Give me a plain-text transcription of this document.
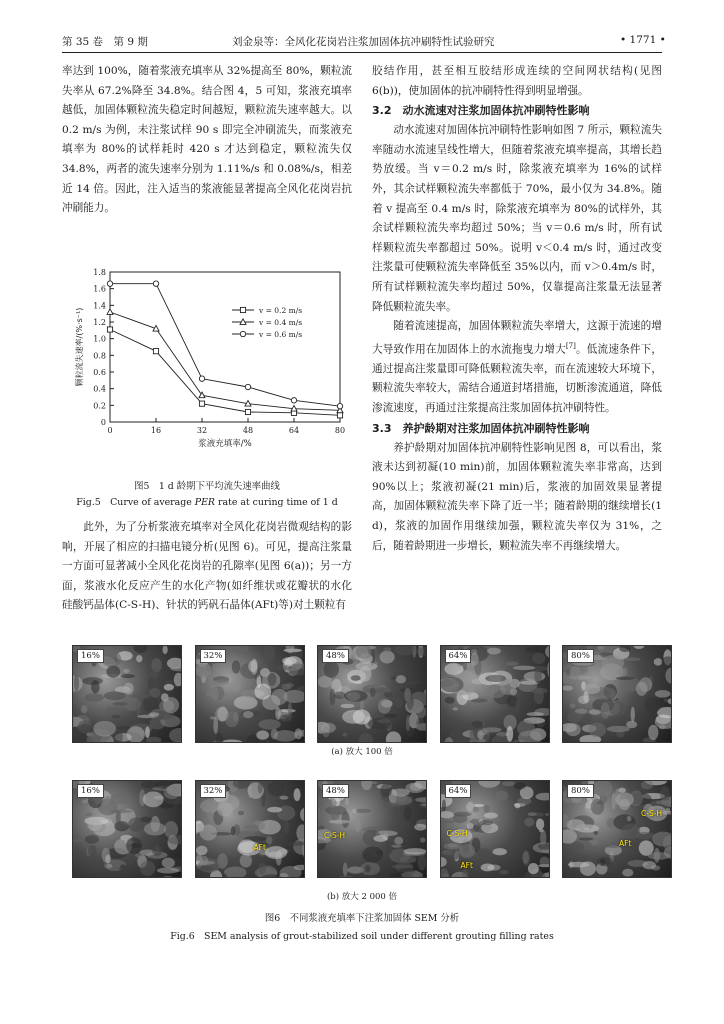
第 35 卷　第 9 期	刘金泉等：全风化花岗岩注浆加固体抗冲刷特性试验研究	• 1771 •

率达到 100%，随着浆液充填率从 32%提高至 80%，颗粒流失率从 67.2%降至 34.8%。结合图 4，5 可知，浆液充填率越低，加固体颗粒流失稳定时间越短，颗粒流失速率越大。以 0.2 m/s 为例，未注浆试样 90 s 即完全冲刷流失，而浆液充填率为 80%的试样耗时 420 s 才达到稳定，颗粒流失仅 34.8%，两者的流失速率分别为 1.11%/s 和 0.08%/s，相差近 14 倍。因此，注入适当的浆液能显著提高全风化花岗岩抗冲刷能力。

0
0.2
0.4
0.6
0.8
1.0
1.2
1.4
1.6
1.8
0	16	32	48	64	80
浆液充填率/%
颗粒流失速率/(%·s⁻¹)	v = 0.2 m/s
v = 0.4 m/s
v = 0.6 m/s
图5　1 d 龄期下平均流失速率曲线
Fig.5　Curve of average PER rate at curing time of 1 d

此外，为了分析浆液充填率对全风化花岗岩微观结构的影响，开展了相应的扫描电镜分析(见图 6)。可见，提高注浆量一方面可显著减小全风化花岗岩的孔隙率(见图 6(a))；另一方面，浆液水化反应产生的水化产物(如纤维状或花瓣状的水化硅酸钙晶体(C-S-H)、针状的钙矾石晶体(AFt)等)对土颗粒有

胶结作用，甚至相互胶结形成连续的空间网状结构(见图 6(b))，使加固体的抗冲刷特性得到明显增强。

3.2　动水流速对注浆加固体抗冲刷特性影响

动水流速对加固体抗冲刷特性影响如图 7 所示，颗粒流失率随动水流速呈线性增大，但随着浆液充填率提高，其增长趋势放缓。当 v＝0.2 m/s 时，除浆液充填率为 16%的试样外，其余试样颗粒流失率都低于 70%，最小仅为 34.8%。随着 v 提高至 0.4 m/s 时，除浆液充填率为 80%的试样外，其余试样颗粒流失率均超过 50%；当 v＝0.6 m/s 时，所有试样颗粒流失率都超过 50%。说明 v＜0.4 m/s 时，通过改变注浆量可使颗粒流失率降低至 35%以内，而 v＞0.4m/s 时，所有试样颗粒流失率均超过 50%，仅靠提高注浆量无法显著降低颗粒流失率。

随着流速提高，加固体颗粒流失率增大，这源于流速的增大导致作用在加固体上的水流拖曳力增大[7]。低流速条件下，通过提高注浆量即可降低颗粒流失率，而在流速较大环境下，颗粒流失率较大，需结合通道封堵措施，切断渗流通道，降低渗流速度，再通过注浆提高注浆加固体抗冲刷特性。

3.3　养护龄期对注浆加固体抗冲刷特性影响

养护龄期对加固体抗冲刷特性影响见图 8，可以看出，浆液未达到初凝(10 min)前，加固体颗粒流失率非常高，达到 90%以上；浆液初凝(21 min)后，浆液的加固效果显著提高，加固体颗粒流失率下降了近一半；随着龄期的继续增长(1 d)，浆液的加固作用继续加强，颗粒流失率仅为 31%，之后，随着龄期进一步增长，颗粒流失率不再继续增大。

16%	32%	48%	64%	80%
(a) 放大 100 倍
16%	32%
AFt
48%
C-S-H
64%
C-S-H
AFt
80%
C-S-H
AFt
(b) 放大 2 000 倍
图6　不同浆液充填率下注浆加固体 SEM 分析
Fig.6　SEM analysis of grout-stabilized soil under different grouting filling rates
